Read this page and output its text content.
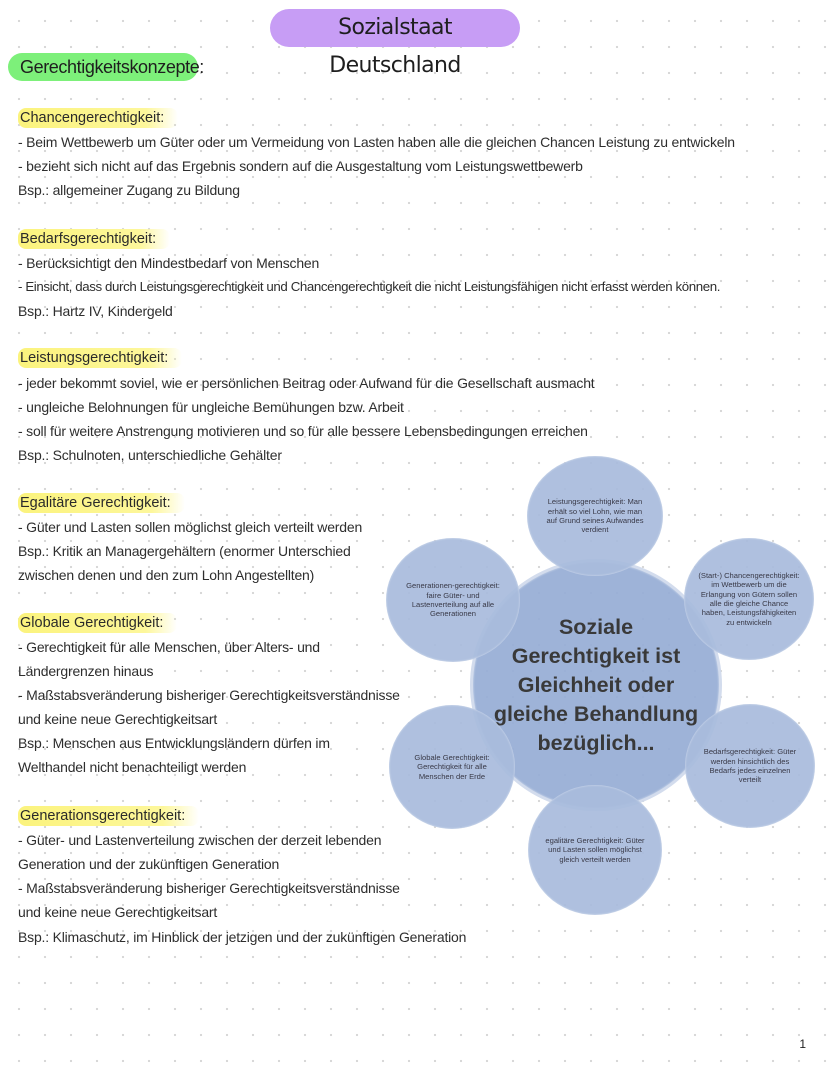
Sozialstaat Deutschland
Gerechtigkeitskonzepte:
Chancengerechtigkeit:
- Beim Wettbewerb um Güter oder um Vermeidung von Lasten haben alle die gleichen Chancen Leistung zu entwickeln
- bezieht sich nicht auf das Ergebnis sondern auf die Ausgestaltung vom Leistungswettbewerb
Bsp.: allgemeiner Zugang zu Bildung
Bedarfsgerechtigkeit:
- Berücksichtigt den Mindestbedarf von Menschen
- Einsicht, dass durch Leistungsgerechtigkeit und Chancengerechtigkeit die nicht Leistungsfähigen nicht erfasst werden können.
Bsp.: Hartz IV, Kindergeld
Leistungsgerechtigkeit:
- jeder bekommt soviel, wie er persönlichen Beitrag oder Aufwand für die Gesellschaft ausmacht
- ungleiche Belohnungen für ungleiche Bemühungen bzw. Arbeit
- soll für weitere Anstrengung motivieren und so für alle bessere Lebensbedingungen erreichen
Bsp.: Schulnoten, unterschiedliche Gehälter
Egalitäre Gerechtigkeit:
- Güter und Lasten sollen möglichst gleich verteilt werden
Bsp.: Kritik an Managergehältern (enormer Unterschied
zwischen denen und den zum Lohn Angestellten)
Globale Gerechtigkeit:
- Gerechtigkeit für alle Menschen, über Alters- und
Ländergrenzen hinaus
- Maßstabsveränderung bisheriger Gerechtigkeitsverständnisse
und keine neue Gerechtigkeitsart
Bsp.: Menschen aus Entwicklungsländern dürfen im
Welthandel nicht benachteiligt werden
Generationsgerechtigkeit:
- Güter- und Lastenverteilung zwischen der derzeit lebenden
Generation und der zukünftigen Generation
- Maßstabsveränderung bisheriger Gerechtigkeitsverständnisse
und keine neue Gerechtigkeitsart
Bsp.: Klimaschutz, im Hinblick der jetzigen und der zukünftigen Generation
Soziale Gerechtigkeit ist Gleichheit oder gleiche Behandlung bezüglich...
Leistungsgerechtigkeit: Man erhält so viel Lohn, wie man auf Grund seines Aufwandes verdient
(Start-) Chancengerechtigkeit: im Wettbewerb um die Erlangung von Gütern sollen alle die gleiche Chance haben, Leistungsfähigkeiten zu entwickeln
Bedarfsgerechtigkeit: Güter werden hinsichtlich des Bedarfs jedes einzelnen verteilt
egalitäre Gerechtigkeit: Güter und Lasten sollen möglichst gleich verteilt werden
Globale Gerechtigkeit: Gerechtigkeit für alle Menschen der Erde
Generationen-gerechtigkeit: faire Güter- und Lastenverteilung auf alle Generationen
1
